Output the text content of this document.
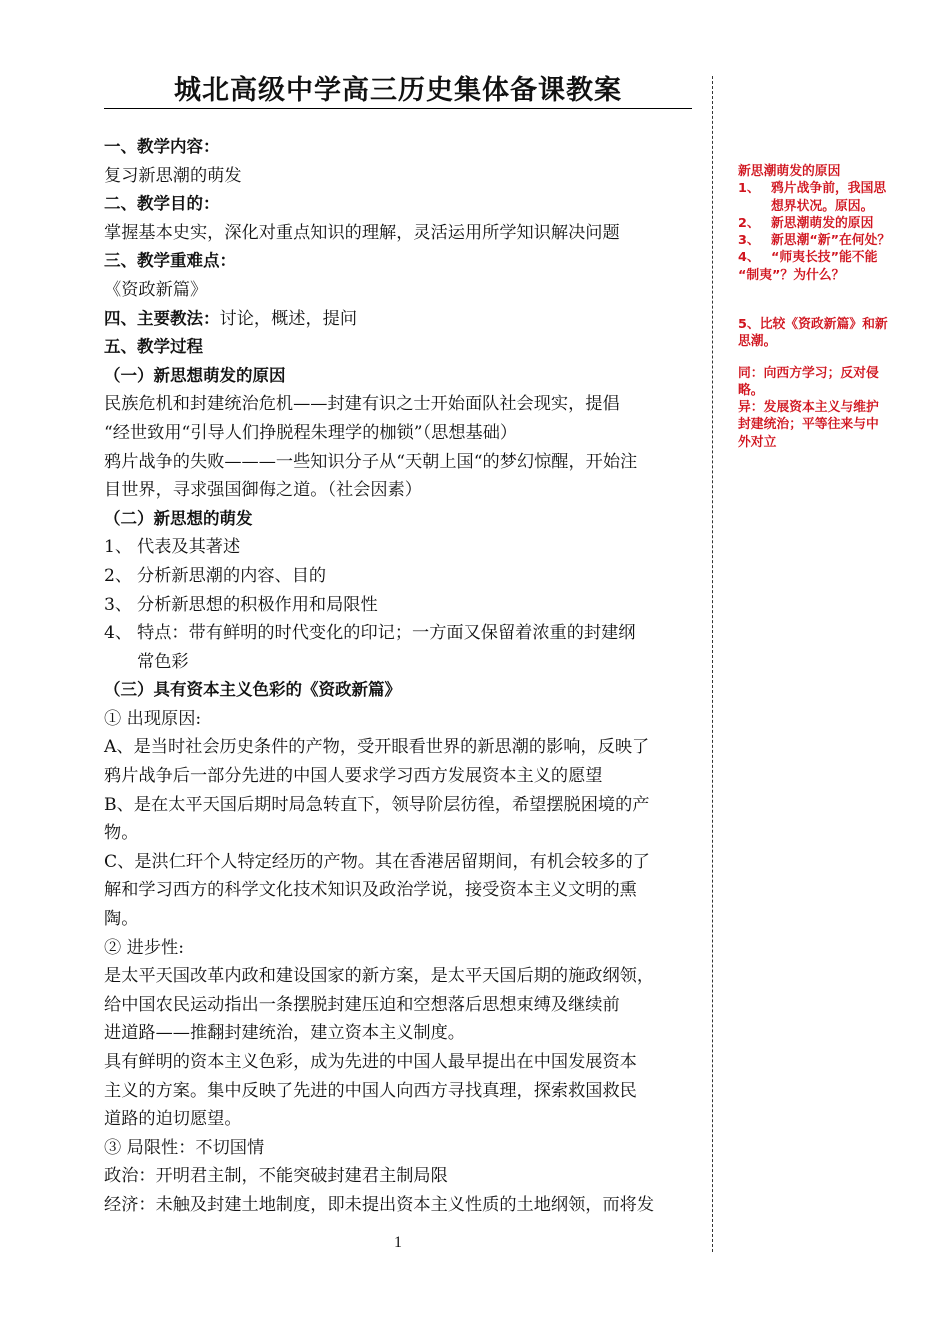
城北高级中学高三历史集体备课教案
一、教学内容：
复习新思潮的萌发
二、教学目的：
掌握基本史实，深化对重点知识的理解，灵活运用所学知识解决问题
三、教学重难点：
《资政新篇》
四、主要教法：讨论，概述，提问
五、教学过程
（一）新思想萌发的原因
民族危机和封建统治危机——封建有识之士开始面队社会现实，提倡
“经世致用“引导人们挣脱程朱理学的枷锁”（思想基础）
鸦片战争的失败———一些知识分子从“天朝上国“的梦幻惊醒，开始注
目世界，寻求强国御侮之道。（社会因素）
（二）新思想的萌发
1、 代表及其著述
2、 分析新思潮的内容、目的
3、 分析新思想的积极作用和局限性
4、 特点：带有鲜明的时代变化的印记；一方面又保留着浓重的封建纲
常色彩
（三）具有资本主义色彩的《资政新篇》
① 出现原因:
A、是当时社会历史条件的产物，受开眼看世界的新思潮的影响，反映了
鸦片战争后一部分先进的中国人要求学习西方发展资本主义的愿望
B、是在太平天国后期时局急转直下，领导阶层彷徨，希望摆脱困境的产
物。
C、是洪仁玕个人特定经历的产物。其在香港居留期间，有机会较多的了
解和学习西方的科学文化技术知识及政治学说，接受资本主义文明的熏
陶。
② 进步性:
是太平天国改革内政和建设国家的新方案，是太平天国后期的施政纲领，
给中国农民运动指出一条摆脱封建压迫和空想落后思想束缚及继续前
进道路——推翻封建统治，建立资本主义制度。
具有鲜明的资本主义色彩，成为先进的中国人最早提出在中国发展资本
主义的方案。集中反映了先进的中国人向西方寻找真理，探索救国救民
道路的迫切愿望。
③ 局限性：不切国情
政治：开明君主制，不能突破封建君主制局限
经济：未触及封建土地制度，即未提出资本主义性质的土地纲领，而将发
新思潮萌发的原因
1、 鸦片战争前，我国思
想界状况。原因。
2、 新思潮萌发的原因
3、 新思潮“新”在何处？
4、 “师夷长技”能不能
“制夷”？为什么？
5、比较《资政新篇》和新
思潮。
同：向西方学习；反对侵
略。
异：发展资本主义与维护
封建统治；平等往来与中
外对立
1
